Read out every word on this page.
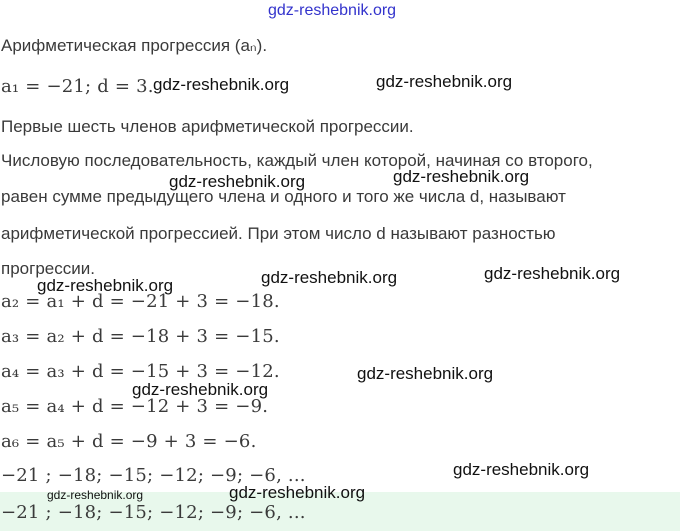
gdz-reshebnik.org
Арифметическая прогрессия (aₙ).
a₁ = −21; d = 3.
Первые шесть членов арифметической прогрессии.
Числовую последовательность, каждый член которой, начиная со второго,
равен сумме предыдущего члена и одного и того же числа d, называют
арифметической прогрессией. При этом число d называют разностью
прогрессии.
a₂ = a₁ + d = −21 + 3 = −18.
a₃ = a₂ + d = −18 + 3 = −15.
a₄ = a₃ + d = −15 + 3 = −12.
a₅ = a₄ + d = −12 + 3 = −9.
a₆ = a₅ + d = −9 + 3 = −6.
−21 ; −18; −15; −12; −9; −6, ...
−21 ; −18; −15; −12; −9; −6, ...
gdz-reshebnik.org	gdz-reshebnik.org
gdz-reshebnik.org	gdz-reshebnik.org
gdz-reshebnik.org	gdz-reshebnik.org	gdz-reshebnik.org
gdz-reshebnik.org
gdz-reshebnik.org
gdz-reshebnik.org
gdz-reshebnik.org	gdz-reshebnik.org
